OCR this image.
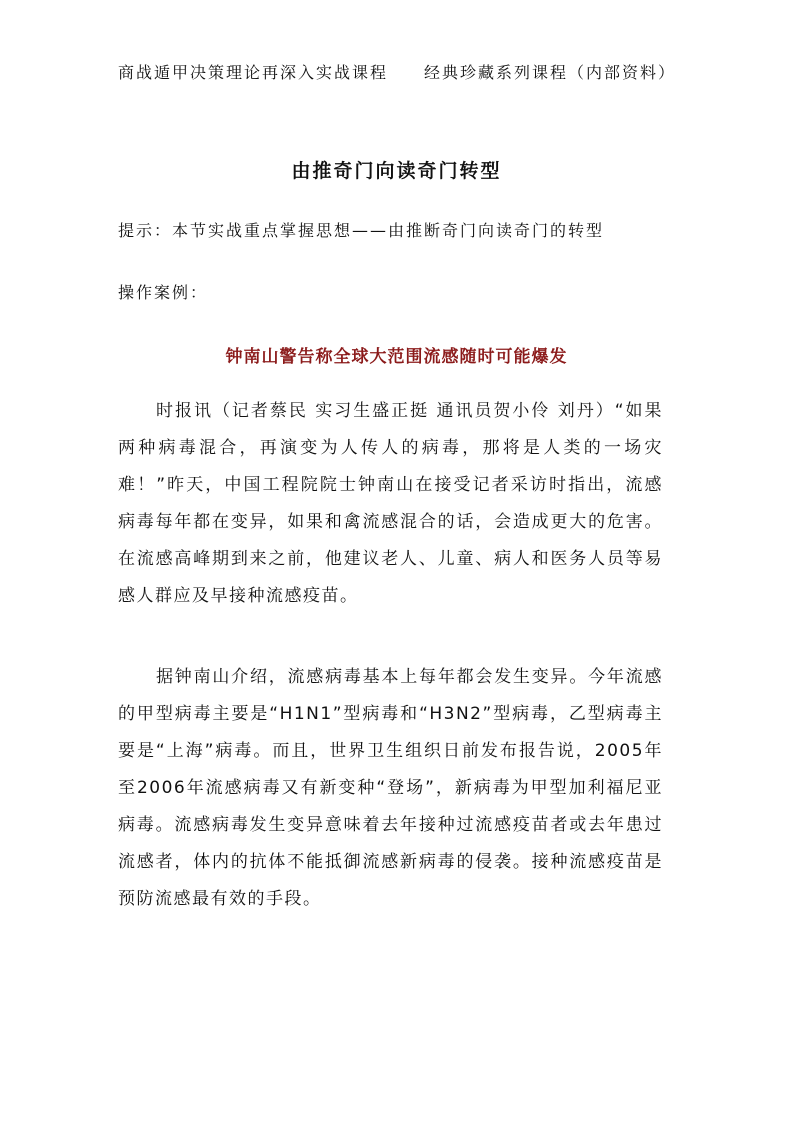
商战遁甲决策理论再深入实战课程　　经典珍藏系列课程（内部资料）
由推奇门向读奇门转型
提示：本节实战重点掌握思想——由推断奇门向读奇门的转型
操作案例：
钟南山警告称全球大范围流感随时可能爆发

时报讯（记者蔡民 实习生盛正挺 通讯员贺小伶 刘丹）“如果两种病毒混合，再演变为人传人的病毒，那将是人类的一场灾难！”昨天，中国工程院院士钟南山在接受记者采访时指出，流感病毒每年都在变异，如果和禽流感混合的话，会造成更大的危害。在流感高峰期到来之前，他建议老人、儿童、病人和医务人员等易感人群应及早接种流感疫苗。

据钟南山介绍，流感病毒基本上每年都会发生变异。今年流感的甲型病毒主要是“H1N1”型病毒和“H3N2”型病毒，乙型病毒主要是“上海”病毒。而且，世界卫生组织日前发布报告说，2005年至2006年流感病毒又有新变种“登场”，新病毒为甲型加利福尼亚病毒。流感病毒发生变异意味着去年接种过流感疫苗者或去年患过流感者，体内的抗体不能抵御流感新病毒的侵袭。接种流感疫苗是预防流感最有效的手段。
